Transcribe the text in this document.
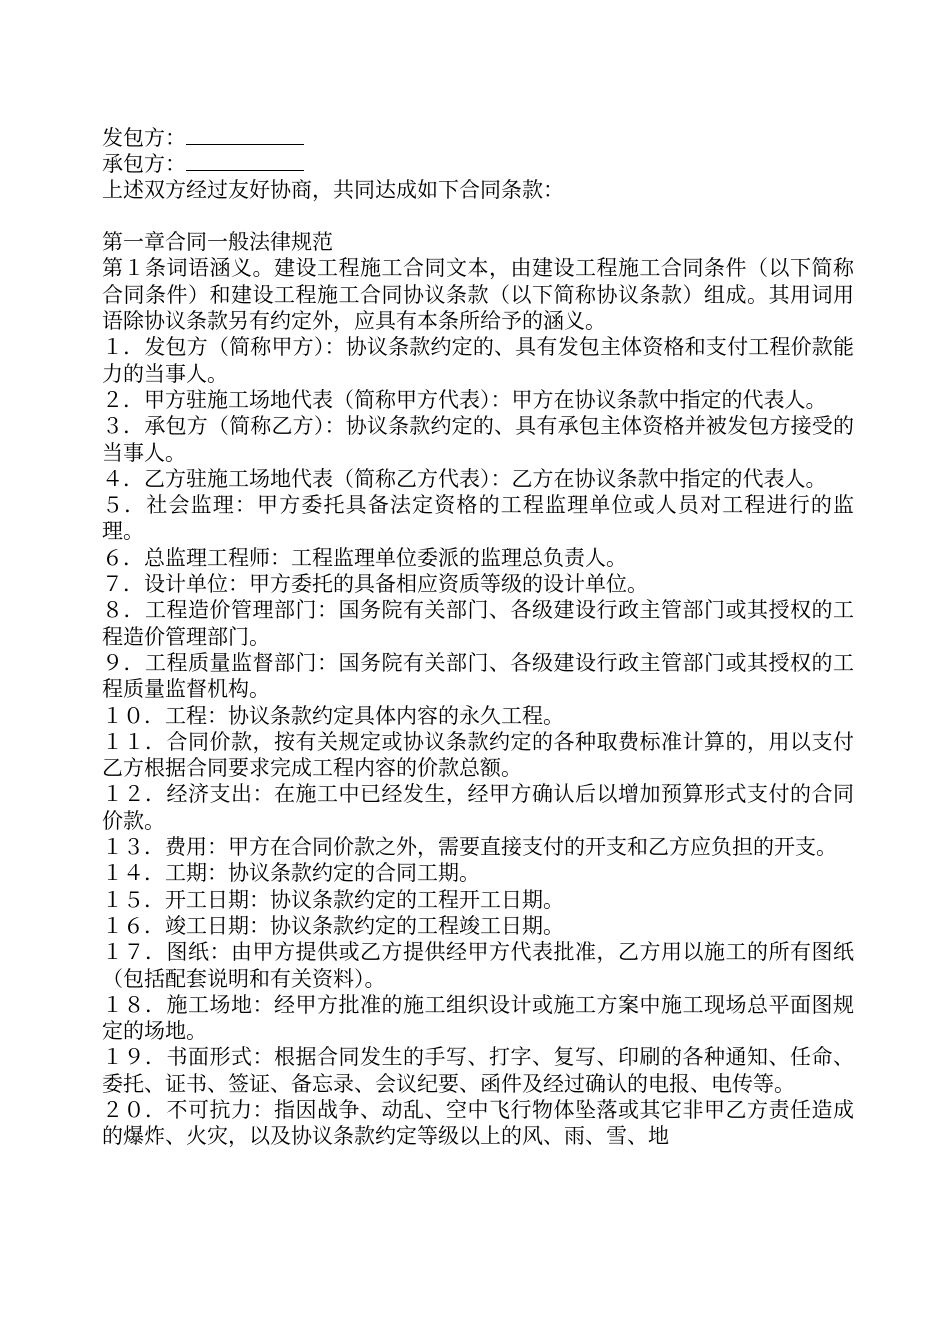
发包方：
承包方：
上述双方经过友好协商，共同达成如下合同条款：
第一章合同一般法律规范

第１条词语涵义。建设工程施工合同文本，由建设工程施工合同条件（以下简称合同条件）和建设工程施工合同协议条款（以下简称协议条款）组成。其用词用语除协议条款另有约定外，应具有本条所给予的涵义。

１．发包方（简称甲方）：协议条款约定的、具有发包主体资格和支付工程价款能力的当事人。

２．甲方驻施工场地代表（简称甲方代表）：甲方在协议条款中指定的代表人。

３．承包方（简称乙方）：协议条款约定的、具有承包主体资格并被发包方接受的当事人。

４．乙方驻施工场地代表（简称乙方代表）：乙方在协议条款中指定的代表人。

５．社会监理：甲方委托具备法定资格的工程监理单位或人员对工程进行的监理。

６．总监理工程师：工程监理单位委派的监理总负责人。

７．设计单位：甲方委托的具备相应资质等级的设计单位。

８．工程造价管理部门：国务院有关部门、各级建设行政主管部门或其授权的工程造价管理部门。

９．工程质量监督部门：国务院有关部门、各级建设行政主管部门或其授权的工程质量监督机构。

１０．工程：协议条款约定具体内容的永久工程。

１１．合同价款，按有关规定或协议条款约定的各种取费标准计算的，用以支付乙方根据合同要求完成工程内容的价款总额。

１２．经济支出：在施工中已经发生，经甲方确认后以增加预算形式支付的合同价款。

１３．费用：甲方在合同价款之外，需要直接支付的开支和乙方应负担的开支。

１４．工期：协议条款约定的合同工期。

１５．开工日期：协议条款约定的工程开工日期。

１６．竣工日期：协议条款约定的工程竣工日期。

１７．图纸：由甲方提供或乙方提供经甲方代表批准，乙方用以施工的所有图纸（包括配套说明和有关资料）。

１８．施工场地：经甲方批准的施工组织设计或施工方案中施工现场总平面图规定的场地。

１９．书面形式：根据合同发生的手写、打字、复写、印刷的各种通知、任命、委托、证书、签证、备忘录、会议纪要、函件及经过确认的电报、电传等。

２０．不可抗力：指因战争、动乱、空中飞行物体坠落或其它非甲乙方责任造成的爆炸、火灾，以及协议条款约定等级以上的风、雨、雪、地
